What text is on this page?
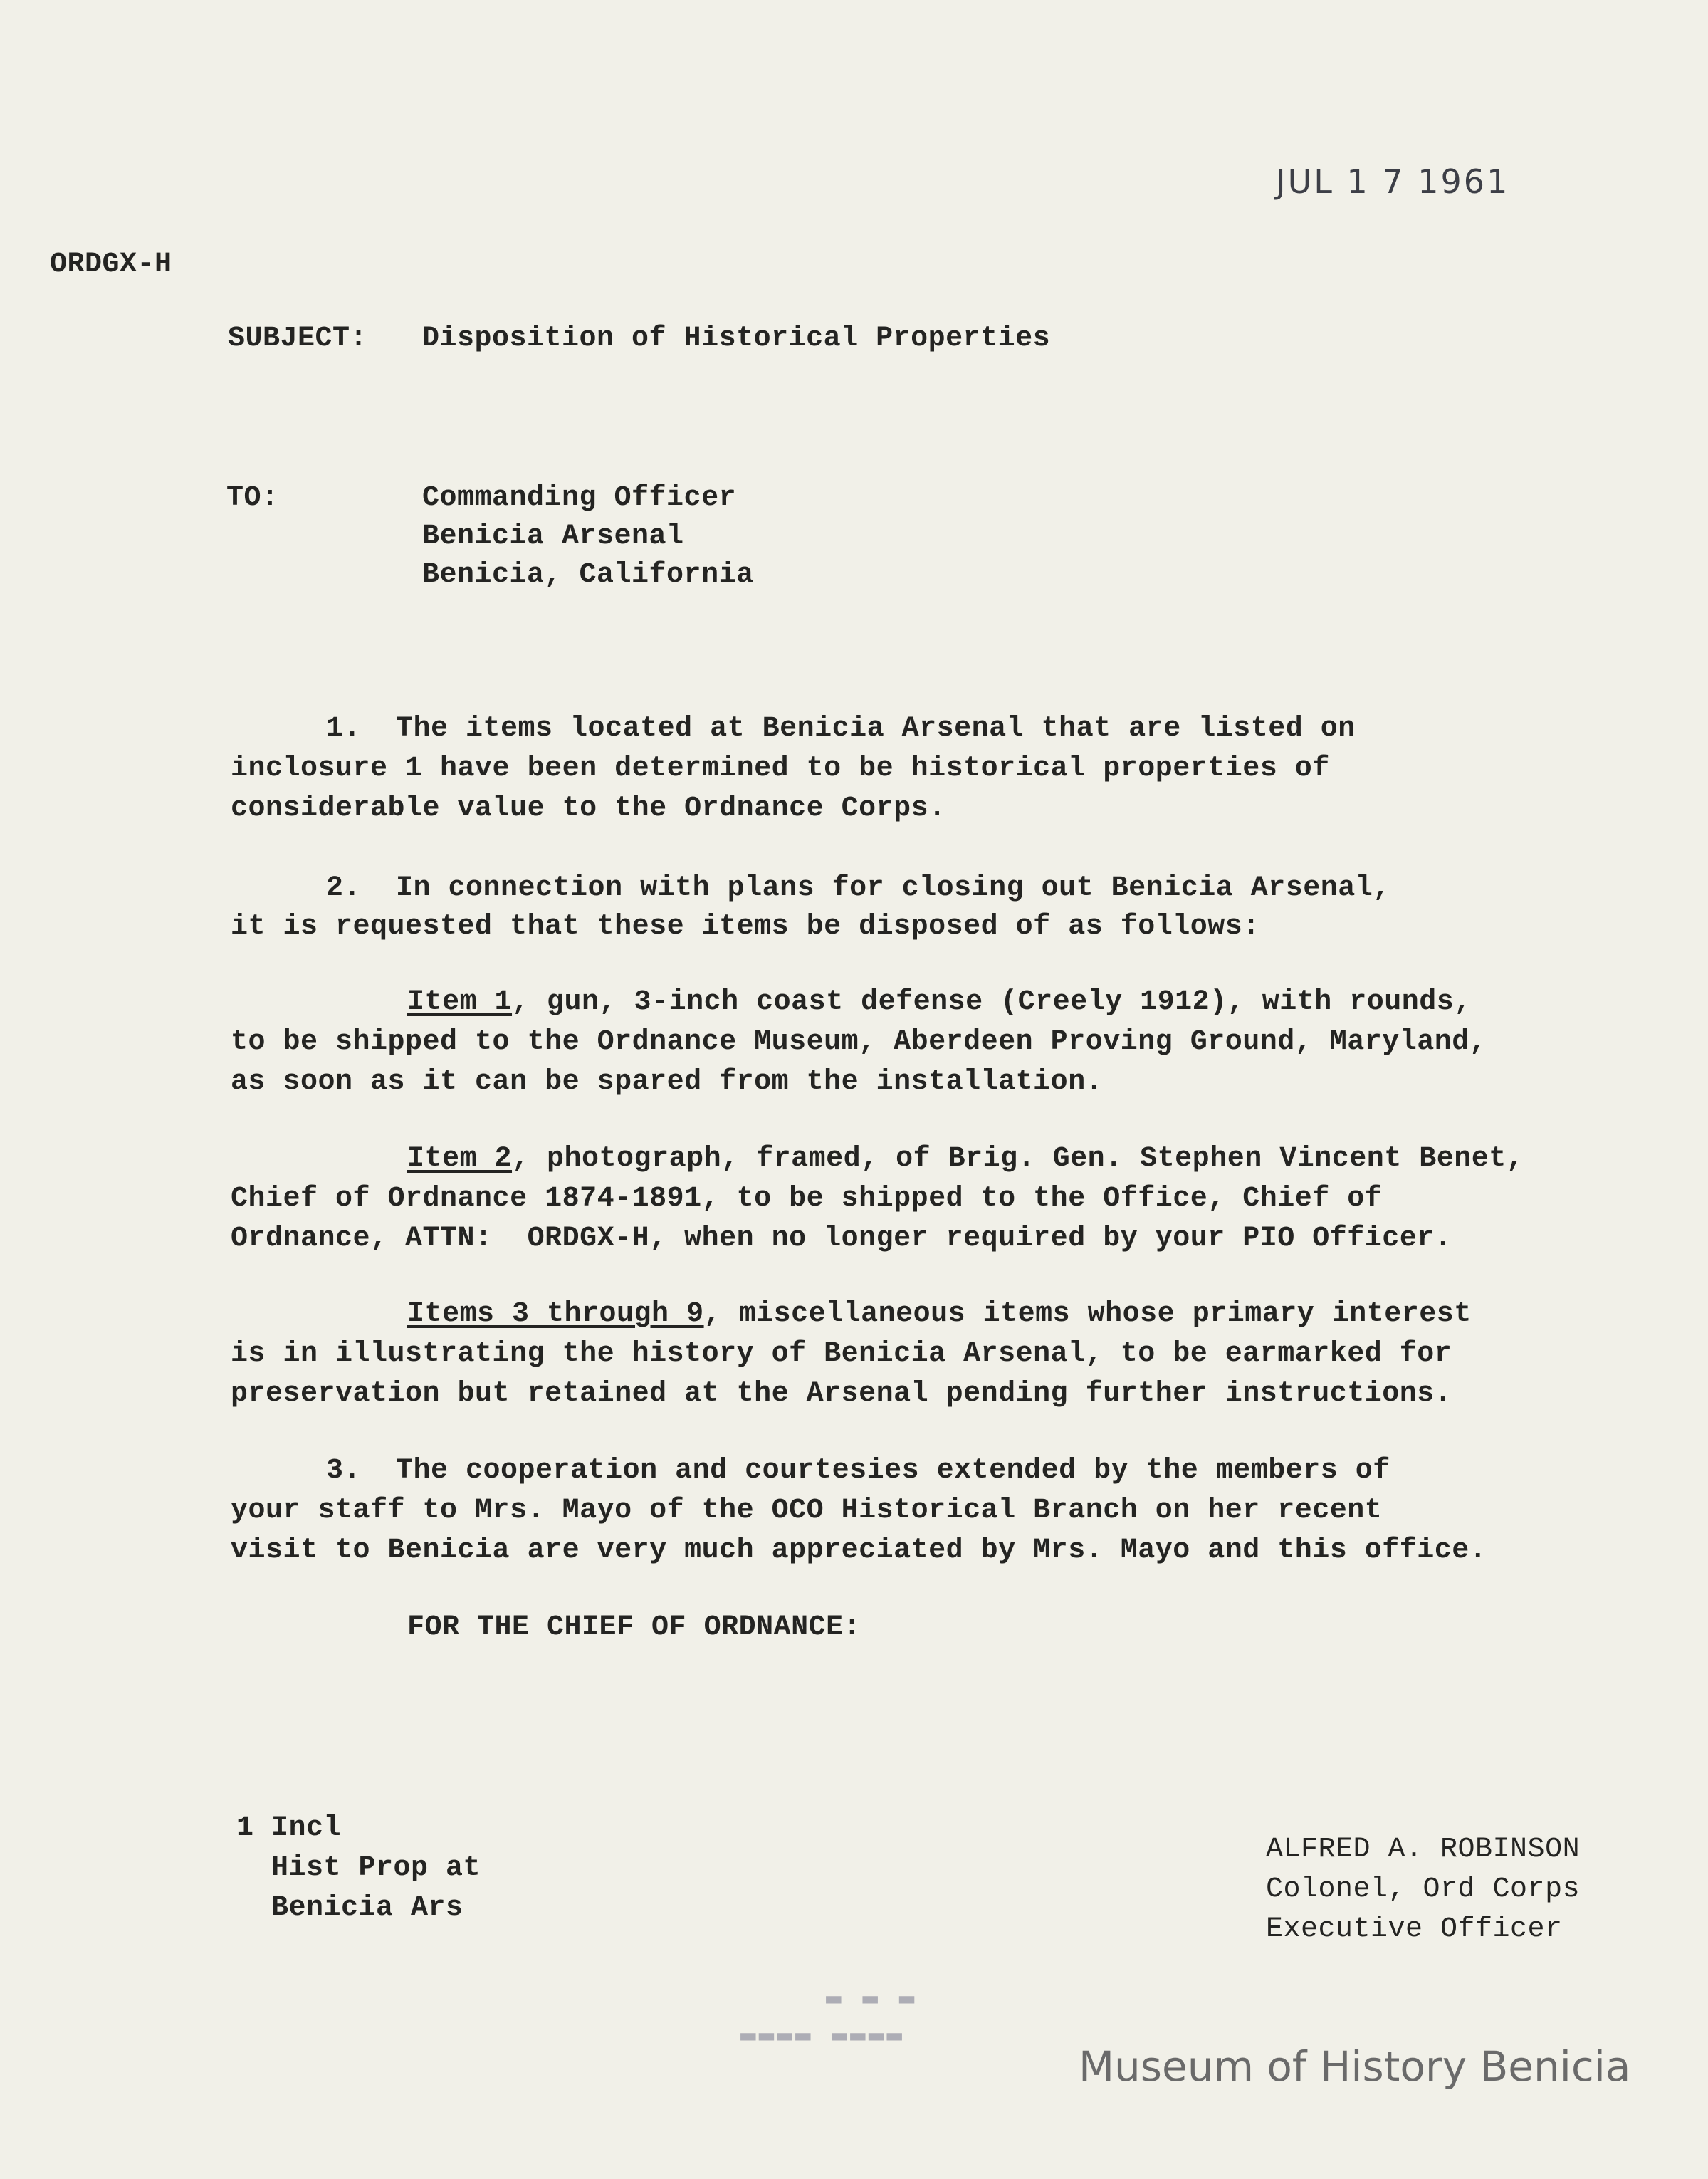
JUL 1 7 1961
ORDGX-H
SUBJECT: Disposition of Historical Properties
TO:	Commanding Officer
Benicia Arsenal
Benicia, California
1.  The items located at Benicia Arsenal that are listed on
inclosure 1 have been determined to be historical properties of
considerable value to the Ordnance Corps.
2.  In connection with plans for closing out Benicia Arsenal,
it is requested that these items be disposed of as follows:
Item 1, gun, 3-inch coast defense (Creely 1912), with rounds,
to be shipped to the Ordnance Museum, Aberdeen Proving Ground, Maryland,
as soon as it can be spared from the installation.
Item 2, photograph, framed, of Brig. Gen. Stephen Vincent Benet,
Chief of Ordnance 1874-1891, to be shipped to the Office, Chief of
Ordnance, ATTN:  ORDGX-H, when no longer required by your PIO Officer.
Items 3 through 9, miscellaneous items whose primary interest
is in illustrating the history of Benicia Arsenal, to be earmarked for
preservation but retained at the Arsenal pending further instructions.
3.  The cooperation and courtesies extended by the members of
your staff to Mrs. Mayo of the OCO Historical Branch on her recent
visit to Benicia are very much appreciated by Mrs. Mayo and this office.
FOR THE CHIEF OF ORDNANCE:
1 Incl
Hist Prop at
Benicia Ars
ALFRED A. ROBINSON
Colonel, Ord Corps
Executive Officer
▬ ▬ ▬
▬▬▬▬ ▬▬▬▬
Museum of History Benicia
